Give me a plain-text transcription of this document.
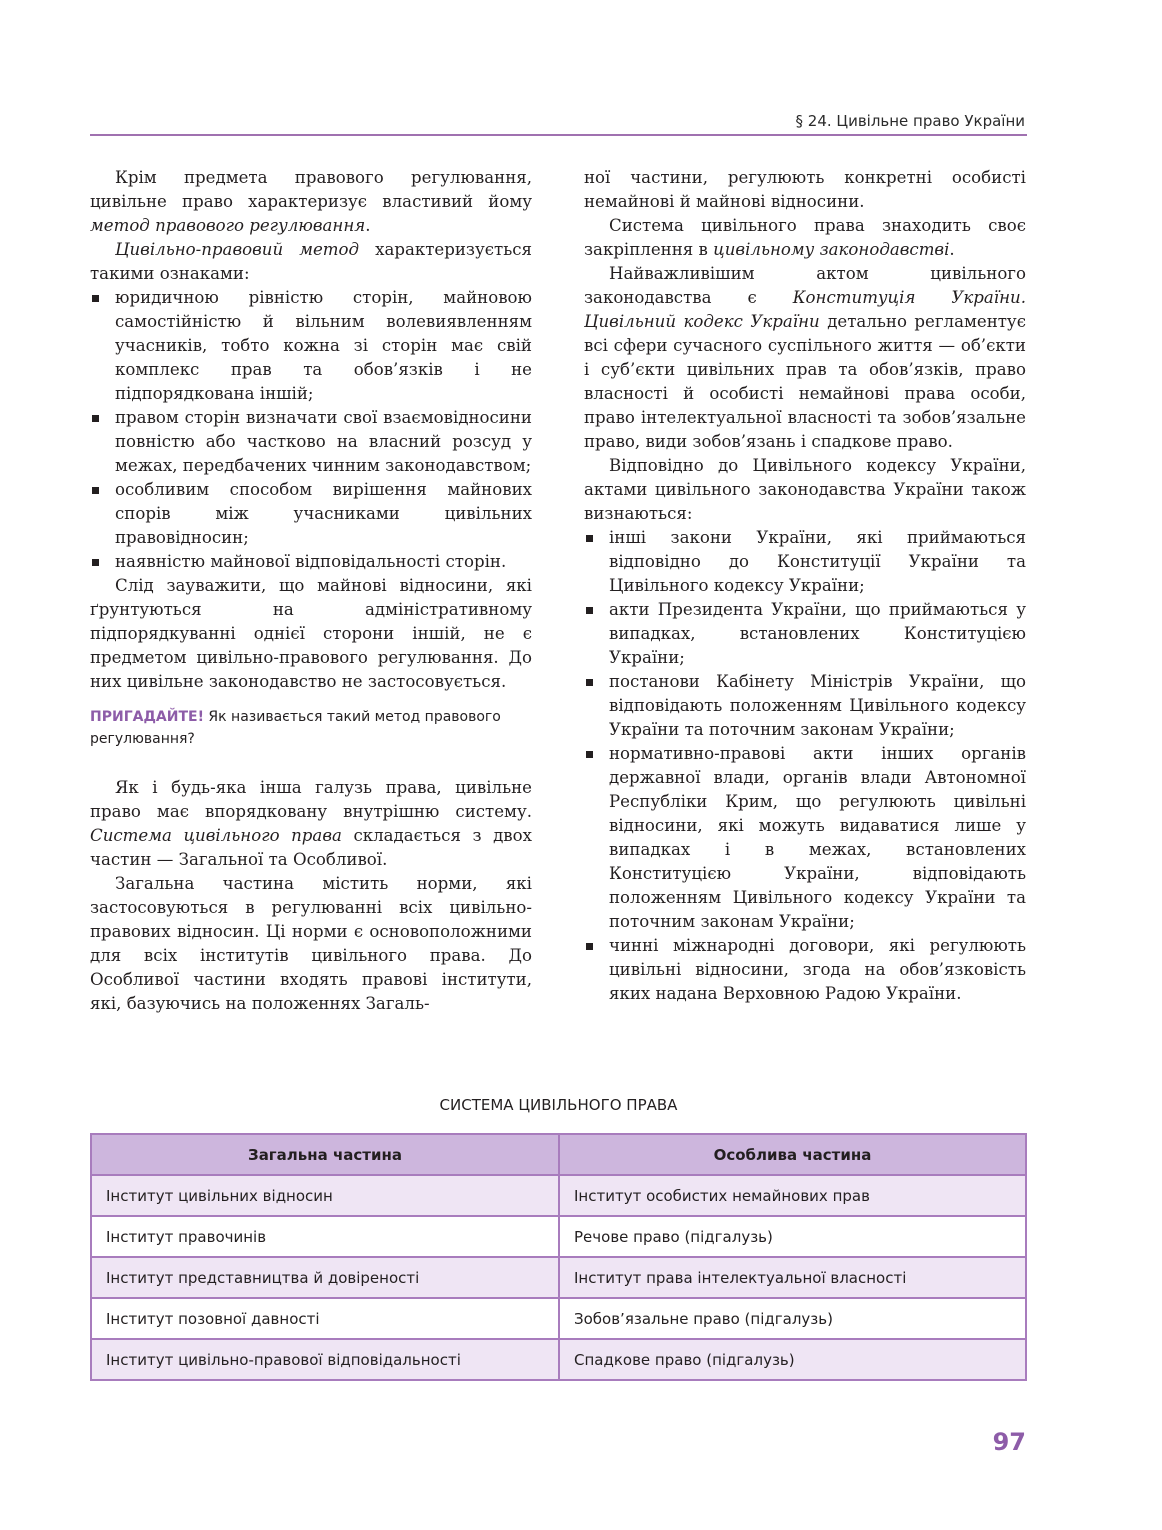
§ 24. Цивільне право України

Крім предмета правового регулювання, цивільне право характеризує властивий йому метод правового регулювання.

Цивільно-правовий метод характеризується такими ознаками:

юридичною рівністю сторін, майновою самостійністю й вільним волевиявленням учасників, тобто кожна зі сторін має свій комплекс прав та обов’язків і не підпорядкована іншій;
правом сторін визначати свої взаємовідносини повністю або частково на власний розсуд у межах, передбачених чинним законодавством;
особливим способом вирішення майнових спорів між учасниками цивільних правовідносин;
наявністю майнової відповідальності сторін.

Слід зауважити, що майнові відносини, які ґрунтуються на адміністративному підпорядкуванні однієї сторони іншій, не є предметом цивільно-правового регулювання. До них цивільне законодавство не застосовується.

ПРИГАДАЙТЕ! Як називається такий метод правового регулювання?

Як і будь-яка інша галузь права, цивільне право має впорядковану внутрішню систему. Система цивільного права складається з двох частин — Загальної та Особливої.

Загальна частина містить норми, які застосовуються в регулюванні всіх цивільно-правових відносин. Ці норми є основоположними для всіх інститутів цивільного права. До Особливої частини входять правові інститути, які, базуючись на положеннях Загаль-

ної частини, регулюють конкретні особисті немайнові й майнові відносини.

Система цивільного права знаходить своє закріплення в цивільному законодавстві.

Найважливішим актом цивільного законодавства є Конституція України. Цивільний кодекс України детально регламентує всі сфери сучасного суспільного життя — об’єкти і суб’єкти цивільних прав та обов’язків, право власності й особисті немайнові права особи, право інтелектуальної власності та зобов’язальне право, види зобов’язань і спадкове право.

Відповідно до Цивільного кодексу України, актами цивільного законодавства України також визнаються:

інші закони України, які приймаються відповідно до Конституції України та Цивільного кодексу України;
акти Президента України, що приймаються у випадках, встановлених Конституцією України;
постанови Кабінету Міністрів України, що відповідають положенням Цивільного кодексу України та поточним законам України;
нормативно-правові акти інших органів державної влади, органів влади Автономної Республіки Крим, що регулюють цивільні відносини, які можуть видаватися лише у випадках і в межах, встановлених Конституцією України, відповідають положенням Цивільного кодексу України та поточним законам України;
чинні міжнародні договори, які регулюють цивільні відносини, згода на обов’язковість яких надана Верховною Радою України.
СИСТЕМА ЦИВІЛЬНОГО ПРАВА
Загальна частина	Особлива частина
Інститут цивільних відносин	Інститут особистих немайнових прав
Інститут правочинів	Речове право (підгалузь)
Інститут представництва й довіреності	Інститут права інтелектуальної власності
Інститут позовної давності	Зобов’язальне право (підгалузь)
Інститут цивільно-правової відповідальності	Спадкове право (підгалузь)
97
